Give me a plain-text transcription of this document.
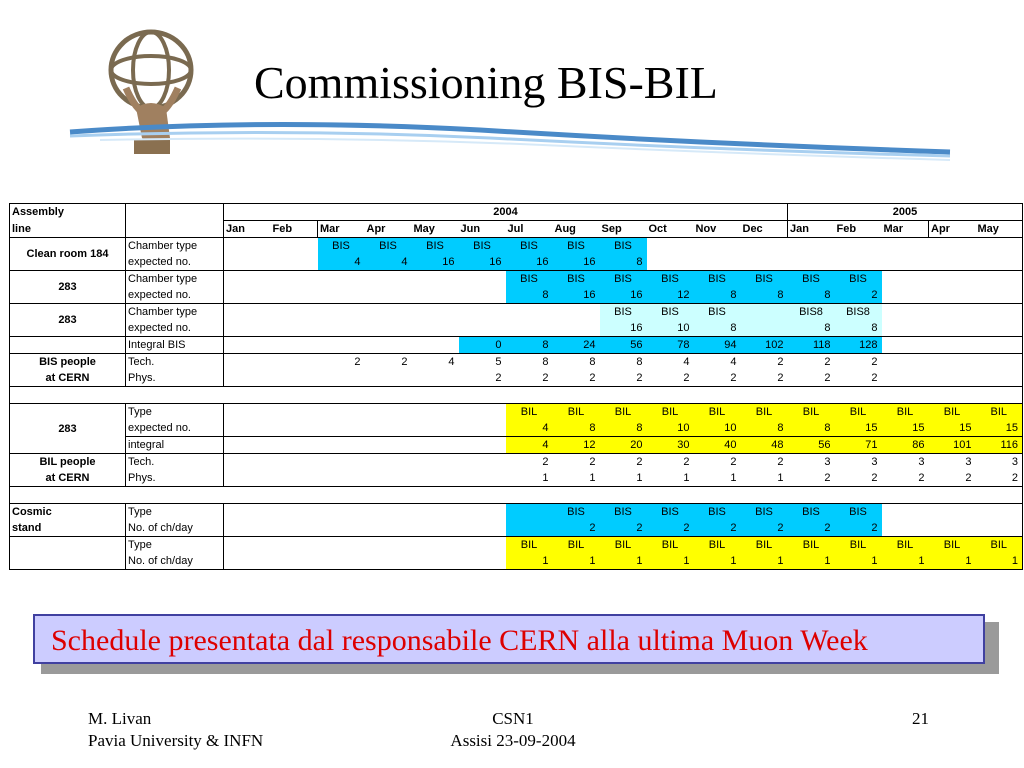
Commissioning BIS-BIL
Assembly		2004												2005				
line		Jan	Feb	Mar	Apr	May	Jun	Jul	Aug	Sep	Oct	Nov	Dec	Jan	Feb	Mar	Apr	May
Clean room 184	Chamber type			BIS	BIS	BIS	BIS	BIS	BIS	BIS								
	expected no.			4	4	16	16	16	16	8								
283	Chamber type							BIS	BIS	BIS	BIS	BIS	BIS	BIS	BIS			
	expected no.							8	16	16	12	8	8	8	2			
283	Chamber type									BIS	BIS	BIS		BIS8	BIS8			
	expected no.									16	10	8		8	8			
	Integral BIS						0	8	24	56	78	94	102	118	128			
BIS people	Tech.			2	2	4	5	8	8	8	4	4	2	2	2			
at CERN	Phys.						2	2	2	2	2	2	2	2	2			

283	Type							BIL	BIL	BIL	BIL	BIL	BIL	BIL	BIL	BIL	BIL	BIL
	expected no.							4	8	8	10	10	8	8	15	15	15	15
	integral							4	12	20	30	40	48	56	71	86	101	116
BIL people	Tech.							2	2	2	2	2	2	3	3	3	3	3
at CERN	Phys.							1	1	1	1	1	1	2	2	2	2	2

Cosmic	Type								BIS	BIS	BIS	BIS	BIS	BIS	BIS			
stand	No. of ch/day								2	2	2	2	2	2	2			
	Type							BIL	BIL	BIL	BIL	BIL	BIL	BIL	BIL	BIL	BIL	BIL
	No. of ch/day							1	1	1	1	1	1	1	1	1	1	1
Schedule presentata dal responsabile CERN alla ultima Muon Week
M. Livan
Pavia University & INFN
CSN1
Assisi 23-09-2004
21
